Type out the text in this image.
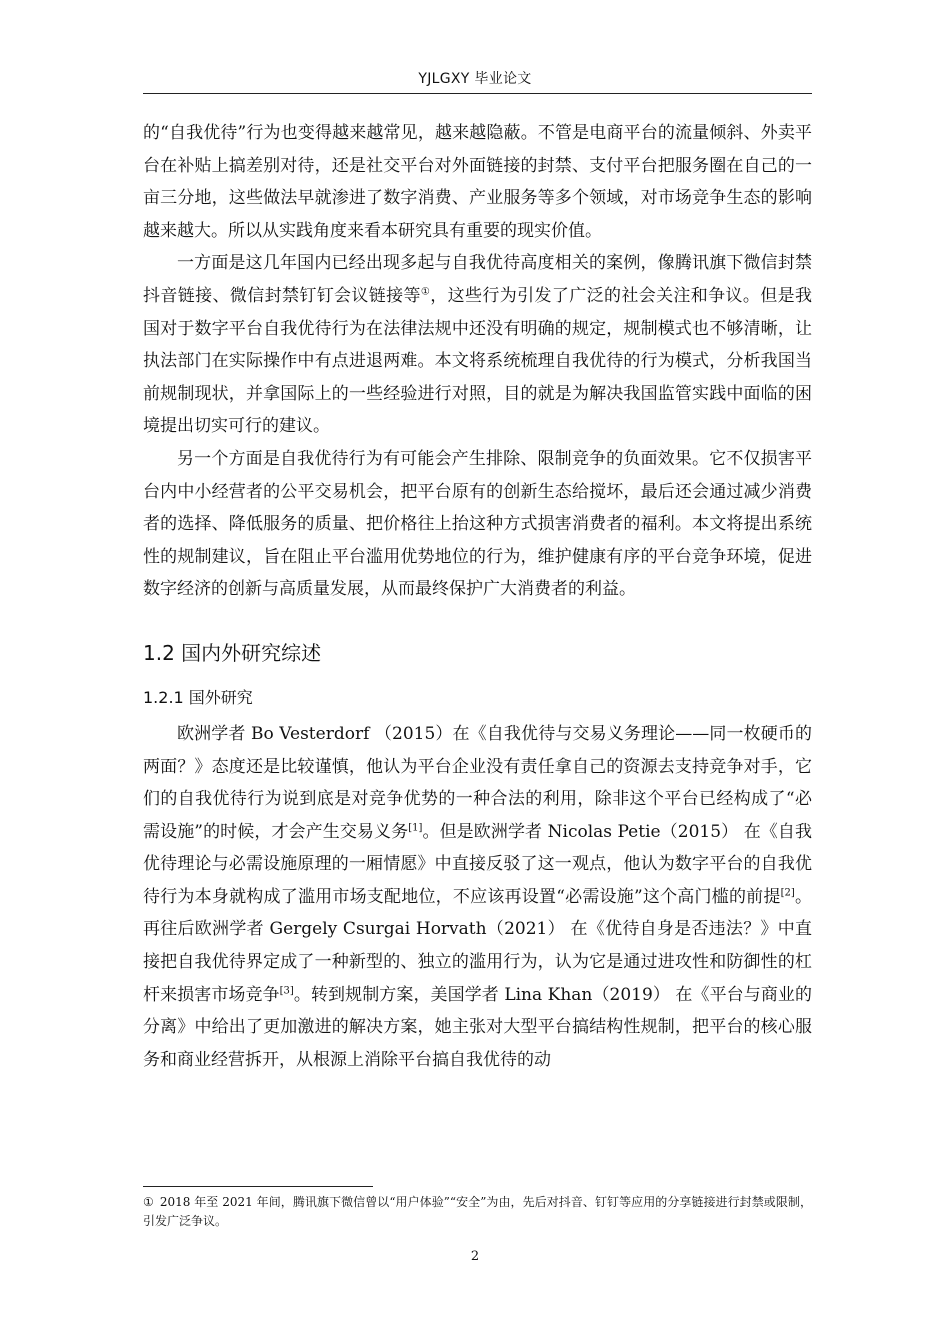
YJLGXY 毕业论文

的“自我优待”行为也变得越来越常见，越来越隐蔽。不管是电商平台的流量倾斜、外卖平台在补贴上搞差别对待，还是社交平台对外面链接的封禁、支付平台把服务圈在自己的一亩三分地，这些做法早就渗进了数字消费、产业服务等多个领域，对市场竞争生态的影响越来越大。所以从实践角度来看本研究具有重要的现实价值。

一方面是这几年国内已经出现多起与自我优待高度相关的案例，像腾讯旗下微信封禁抖音链接、微信封禁钉钉会议链接等①，这些行为引发了广泛的社会关注和争议。但是我国对于数字平台自我优待行为在法律法规中还没有明确的规定，规制模式也不够清晰，让执法部门在实际操作中有点进退两难。本文将系统梳理自我优待的行为模式，分析我国当前规制现状，并拿国际上的一些经验进行对照，目的就是为解决我国监管实践中面临的困境提出切实可行的建议。

另一个方面是自我优待行为有可能会产生排除、限制竞争的负面效果。它不仅损害平台内中小经营者的公平交易机会，把平台原有的创新生态给搅坏，最后还会通过减少消费者的选择、降低服务的质量、把价格往上抬这种方式损害消费者的福利。本文将提出系统性的规制建议，旨在阻止平台滥用优势地位的行为，维护健康有序的平台竞争环境，促进数字经济的创新与高质量发展，从而最终保护广大消费者的利益。

1.2 国内外研究综述
1.2.1 国外研究

欧洲学者 Bo Vesterdorf （2015）在《自我优待与交易义务理论——同一枚硬币的两面？》态度还是比较谨慎，他认为平台企业没有责任拿自己的资源去支持竞争对手，它们的自我优待行为说到底是对竞争优势的一种合法的利用，除非这个平台已经构成了“必需设施”的时候，才会产生交易义务[1]。但是欧洲学者 Nicolas Petie（2015） 在《自我优待理论与必需设施原理的一厢情愿》中直接反驳了这一观点，他认为数字平台的自我优待行为本身就构成了滥用市场支配地位，不应该再设置“必需设施”这个高门槛的前提[2]。再往后欧洲学者 Gergely Csurgai Horvath（2021） 在《优待自身是否违法？》中直接把自我优待界定成了一种新型的、独立的滥用行为，认为它是通过进攻性和防御性的杠杆来损害市场竞争[3]。转到规制方案，美国学者 Lina Khan（2019） 在《平台与商业的分离》中给出了更加激进的解决方案，她主张对大型平台搞结构性规制，把平台的核心服务和商业经营拆开，从根源上消除平台搞自我优待的动

① 2018 年至 2021 年间，腾讯旗下微信曾以“用户体验”“安全”为由，先后对抖音、钉钉等应用的分享链接进行封禁或限制，引发广泛争议。
2
